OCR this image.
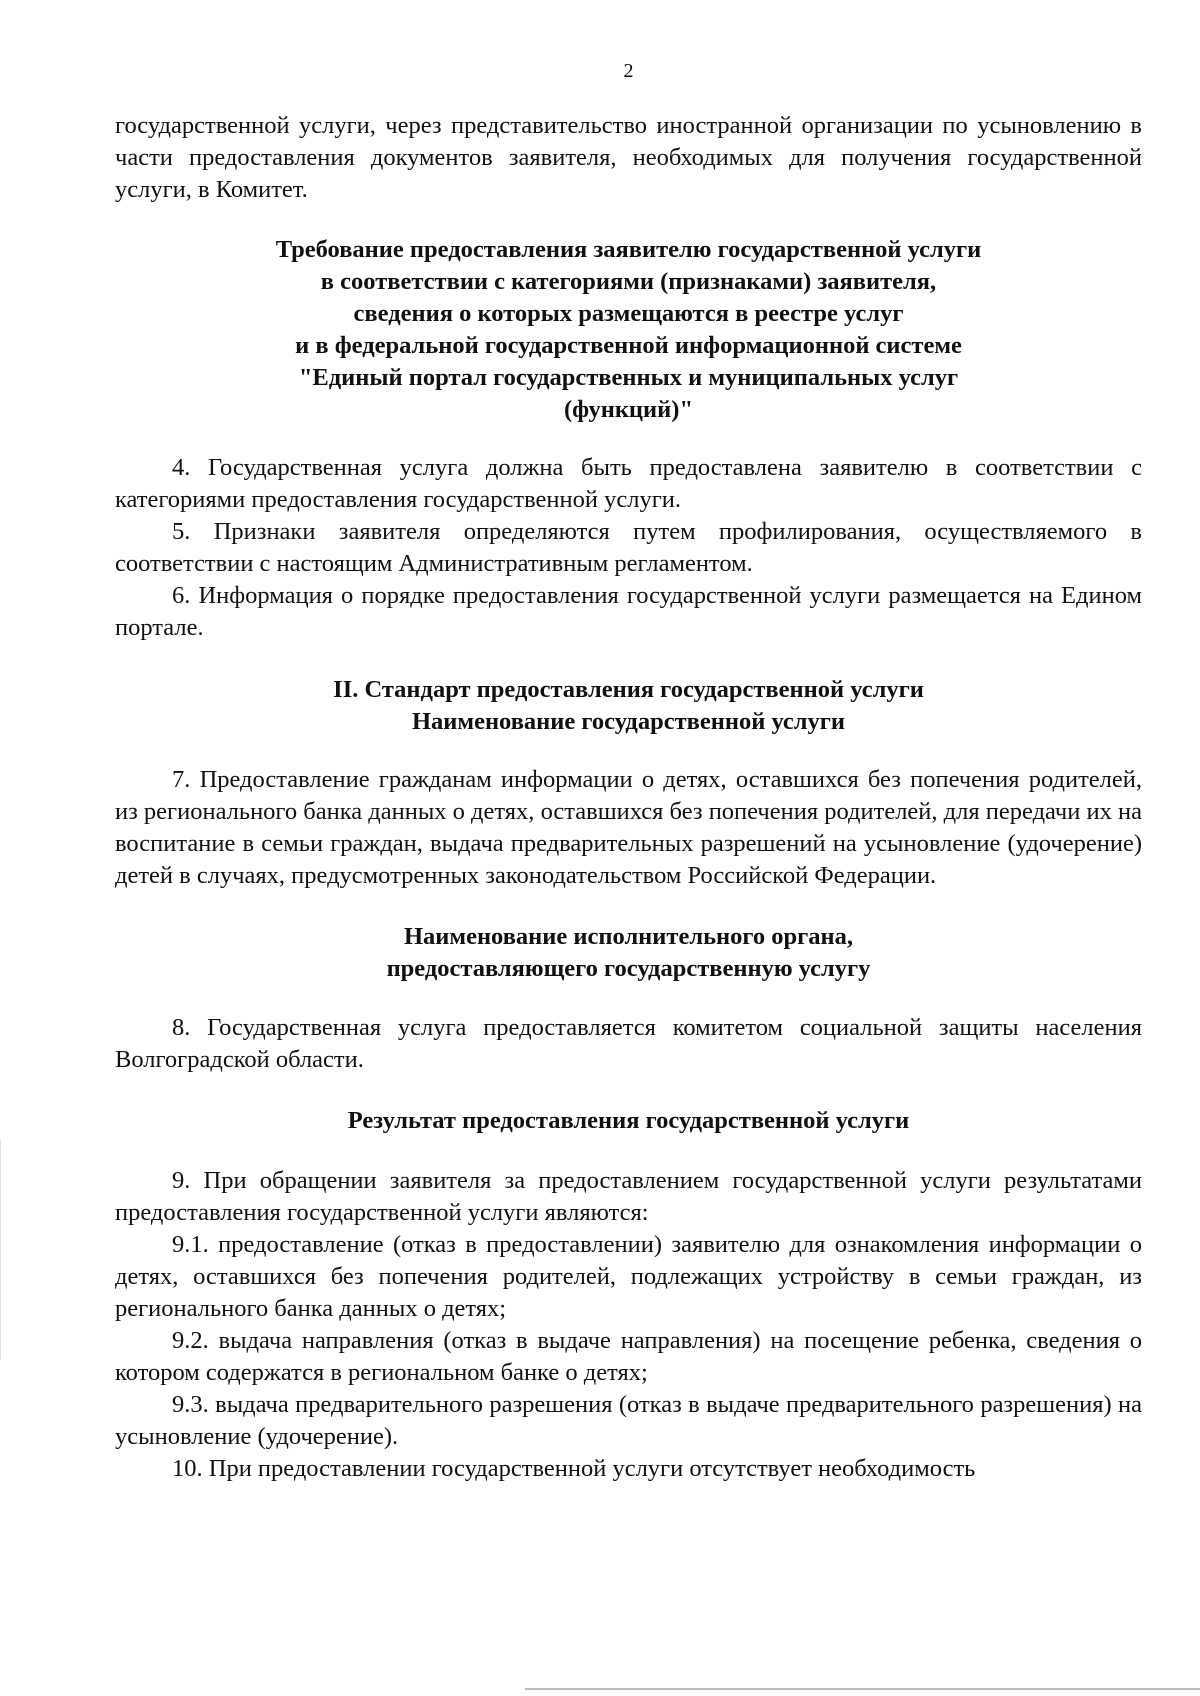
2

государственной услуги, через представительство иностранной организации по усыновлению в части предоставления документов заявителя, необходимых для получения государственной услуги, в Комитет.

Требование предоставления заявителю государственной услуги
в соответствии с категориями (признаками) заявителя,
сведения о которых размещаются в реестре услуг
и в федеральной государственной информационной системе
"Единый портал государственных и муниципальных услуг
(функций)"

4. Государственная услуга должна быть предоставлена заявителю в соответствии с категориями предоставления государственной услуги.

5. Признаки заявителя определяются путем профилирования, осуществляемого в соответствии с настоящим Административным регламентом.

6. Информация о порядке предоставления государственной услуги размещается на Едином портале.

II. Стандарт предоставления государственной услуги
Наименование государственной услуги

7. Предоставление гражданам информации о детях, оставшихся без попечения родителей, из регионального банка данных о детях, оставшихся без попечения родителей, для передачи их на воспитание в семьи граждан, выдача предварительных разрешений на усыновление (удочерение) детей в случаях, предусмотренных законодательством Российской Федерации.

Наименование исполнительного органа,
предоставляющего государственную услугу

8. Государственная услуга предоставляется комитетом социальной защиты населения Волгоградской области.

Результат предоставления государственной услуги

9. При обращении заявителя за предоставлением государственной услуги результатами предоставления государственной услуги являются:

9.1. предоставление (отказ в предоставлении) заявителю для ознакомления информации о детях, оставшихся без попечения родителей, подлежащих устройству в семьи граждан, из регионального банка данных о детях;

9.2. выдача направления (отказ в выдаче направления) на посещение ребенка, сведения о котором содержатся в региональном банке о детях;

9.3. выдача предварительного разрешения (отказ в выдаче предварительного разрешения) на усыновление (удочерение).

10. При предоставлении государственной услуги отсутствует необходимость
